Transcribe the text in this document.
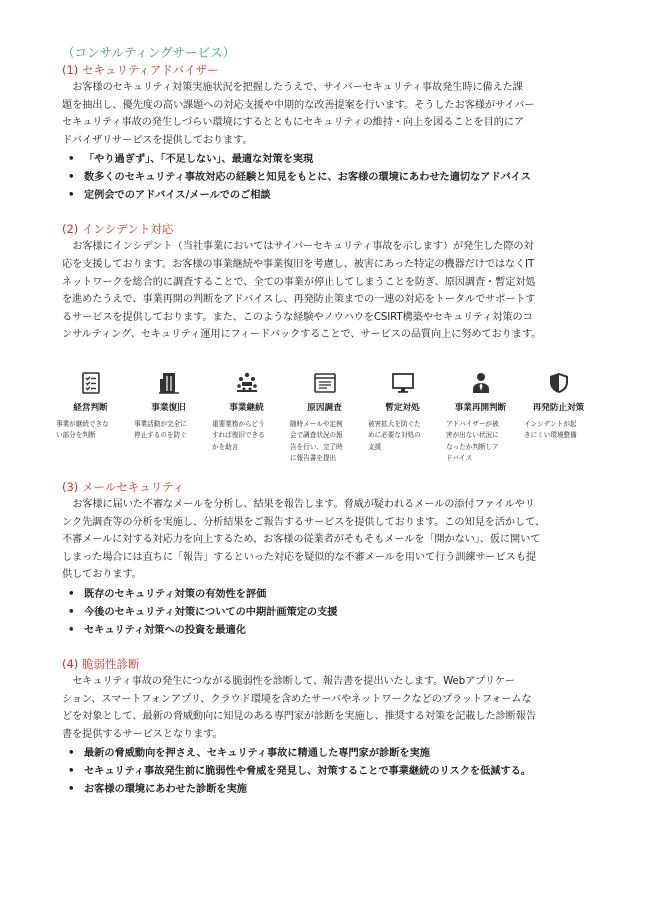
（コンサルティングサービス）
(1) セキュリティアドバイザー

お客様のセキュリティ対策実施状況を把握したうえで、サイバーセキュリティ事故発生時に備えた課
題を抽出し、優先度の高い課題への対応支援や中期的な改善提案を行います。そうしたお客様がサイバー
セキュリティ事故の発生しづらい環境にするとともにセキュリティの維持・向上を図ることを目的にア
ドバイザリサービスを提供しております。

• 「やり過ぎず」、「不足しない」、最適な対策を実現
• 数多くのセキュリティ事故対応の経験と知見をもとに、お客様の環境にあわせた適切なアドバイス
• 定例会でのアドバイス/メールでのご相談
(2) インシデント対応

お客様にインシデント（当社事業においてはサイバーセキュリティ事故を示します）が発生した際の対
応を支援しております。お客様の事業継続や事業復旧を考慮し、被害にあった特定の機器だけではなくIT
ネットワークを総合的に調査することで、全ての事業が停止してしまうことを防ぎ、原因調査・暫定対処
を進めたうえで、事業再開の判断をアドバイスし、再発防止策までの一連の対応をトータルでサポートす
るサービスを提供しております。また、このような経験やノウハウをCSIRT構築やセキュリティ対策のコ
ンサルティング、セキュリティ運用にフィードバックすることで、サービスの品質向上に努めております。

経営判断
事業が継続できな
い部分を判断
事業復旧
事業活動が完全に
停止するのを防ぐ
事業継続
重要業務からどう
すれば復旧できる
かを助言
原因調査
随時メールや定例
会で調査状況の報
告を行い、完了時
に報告書を提出
暫定対処
被害拡大を防ぐた
めに必要な対処の
支援
事業再開判断
アドバイザーが被
害が出ない状況に
なったか判断しア
ドバイス
再発防止対策
インシデントが起
きにくい環境整備
(3) メールセキュリティ

お客様に届いた不審なメールを分析し、結果を報告します。脅威が疑われるメールの添付ファイルやリ
ンク先調査等の分析を実施し、分析結果をご報告するサービスを提供しております。この知見を活かして、
不審メールに対する対応力を向上するため、お客様の従業者がそもそもメールを「開かない」、仮に開いて
しまった場合には直ちに「報告」するといった対応を疑似的な不審メールを用いて行う訓練サービスも提
供しております。

• 既存のセキュリティ対策の有効性を評価
• 今後のセキュリティ対策についての中期計画策定の支援
• セキュリティ対策への投資を最適化
(4) 脆弱性診断

セキュリティ事故の発生につながる脆弱性を診断して、報告書を提出いたします。Webアプリケー
ション、スマートフォンアプリ、クラウド環境を含めたサーバやネットワークなどのプラットフォームな
どを対象として、最新の脅威動向に知見のある専門家が診断を実施し、推奨する対策を記載した診断報告
書を提供するサービスとなります。

• 最新の脅威動向を押さえ、セキュリティ事故に精通した専門家が診断を実施
• セキュリティ事故発生前に脆弱性や脅威を発見し、対策することで事業継続のリスクを低減する。
• お客様の環境にあわせた診断を実施
